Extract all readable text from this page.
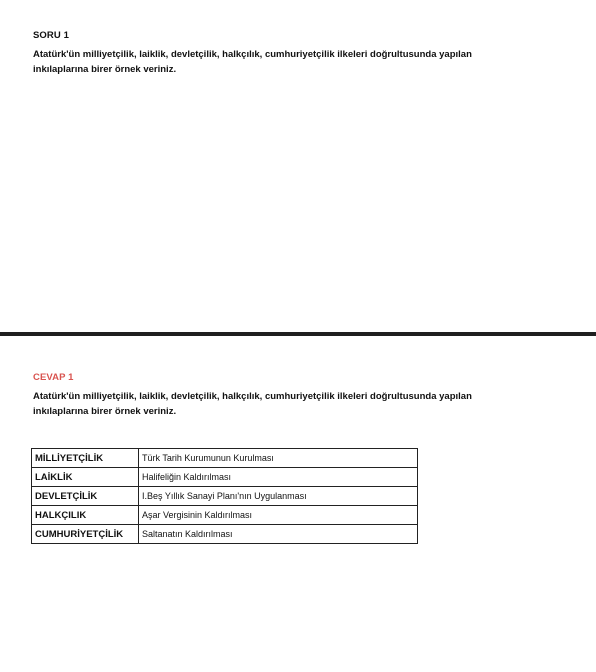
SORU 1
Atatürk'ün milliyetçilik, laiklik, devletçilik, halkçılık, cumhuriyetçilik ilkeleri doğrultusunda yapılan
inkılaplarına birer örnek veriniz.
CEVAP 1
Atatürk'ün milliyetçilik, laiklik, devletçilik, halkçılık, cumhuriyetçilik ilkeleri doğrultusunda yapılan
inkılaplarına birer örnek veriniz.
MİLLİYETÇİLİK	Türk Tarih Kurumunun Kurulması
LAİKLİK	Halifeliğin Kaldırılması
DEVLETÇİLİK	I.Beş Yıllık Sanayi Planı'nın Uygulanması
HALKÇILIK	Aşar Vergisinin Kaldırılması
CUMHURİYETÇİLİK	Saltanatın Kaldırılması
